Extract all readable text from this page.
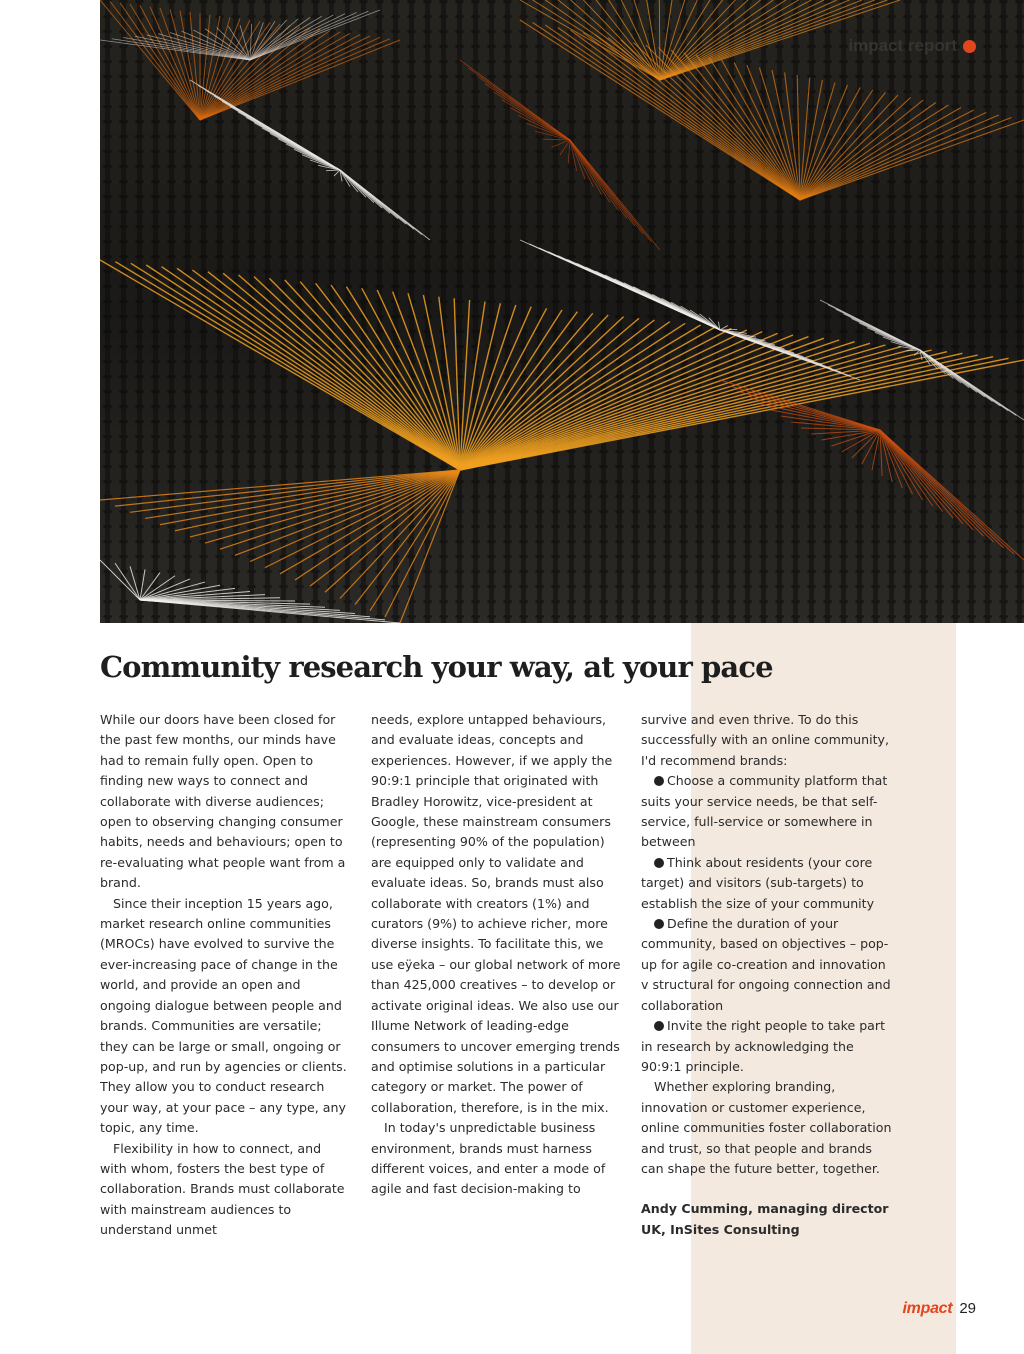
impact report
Community research your way, at your pace

While our doors have been closed for the past few months, our minds have had to remain fully open. Open to finding new ways to connect and collaborate with diverse audiences; open to observing changing consumer habits, needs and behaviours; open to re-evaluating what people want from a brand.

Since their inception 15 years ago, market research online communities (MROCs) have evolved to survive the ever-increasing pace of change in the world, and provide an open and ongoing dialogue between people and brands. Communities are versatile; they can be large or small, ongoing or pop-up, and run by agencies or clients. They allow you to conduct research your way, at your pace – any type, any topic, any time.

Flexibility in how to connect, and with whom, fosters the best type of collaboration. Brands must collaborate with mainstream audiences to understand unmet

needs, explore untapped behaviours, and evaluate ideas, concepts and experiences. However, if we apply the 90:9:1 principle that originated with Bradley Horowitz, vice-president at Google, these mainstream consumers (representing 90% of the population) are equipped only to validate and evaluate ideas. So, brands must also collaborate with creators (1%) and curators (9%) to achieve richer, more diverse insights. To facilitate this, we use eÿeka – our global network of more than 425,000 creatives – to develop or activate original ideas. We also use our Illume Network of leading-edge consumers to uncover emerging trends and optimise solutions in a particular category or market. The power of collaboration, therefore, is in the mix.

In today's unpredictable business environment, brands must harness different voices, and enter a mode of agile and fast decision-making to

survive and even thrive. To do this successfully with an online community, I'd recommend brands:

Choose a community platform that suits your service needs, be that self-service, full-service or somewhere in between

Think about residents (your core target) and visitors (sub-targets) to establish the size of your community

Define the duration of your community, based on objectives – pop-up for agile co-creation and innovation v structural for ongoing connection and collaboration

Invite the right people to take part in research by acknowledging the 90:9:1 principle.

Whether exploring branding, innovation or customer experience, online communities foster collaboration and trust, so that people and brands can shape the future better, together.

Andy Cumming, managing director UK, InSites Consulting

impact 29
